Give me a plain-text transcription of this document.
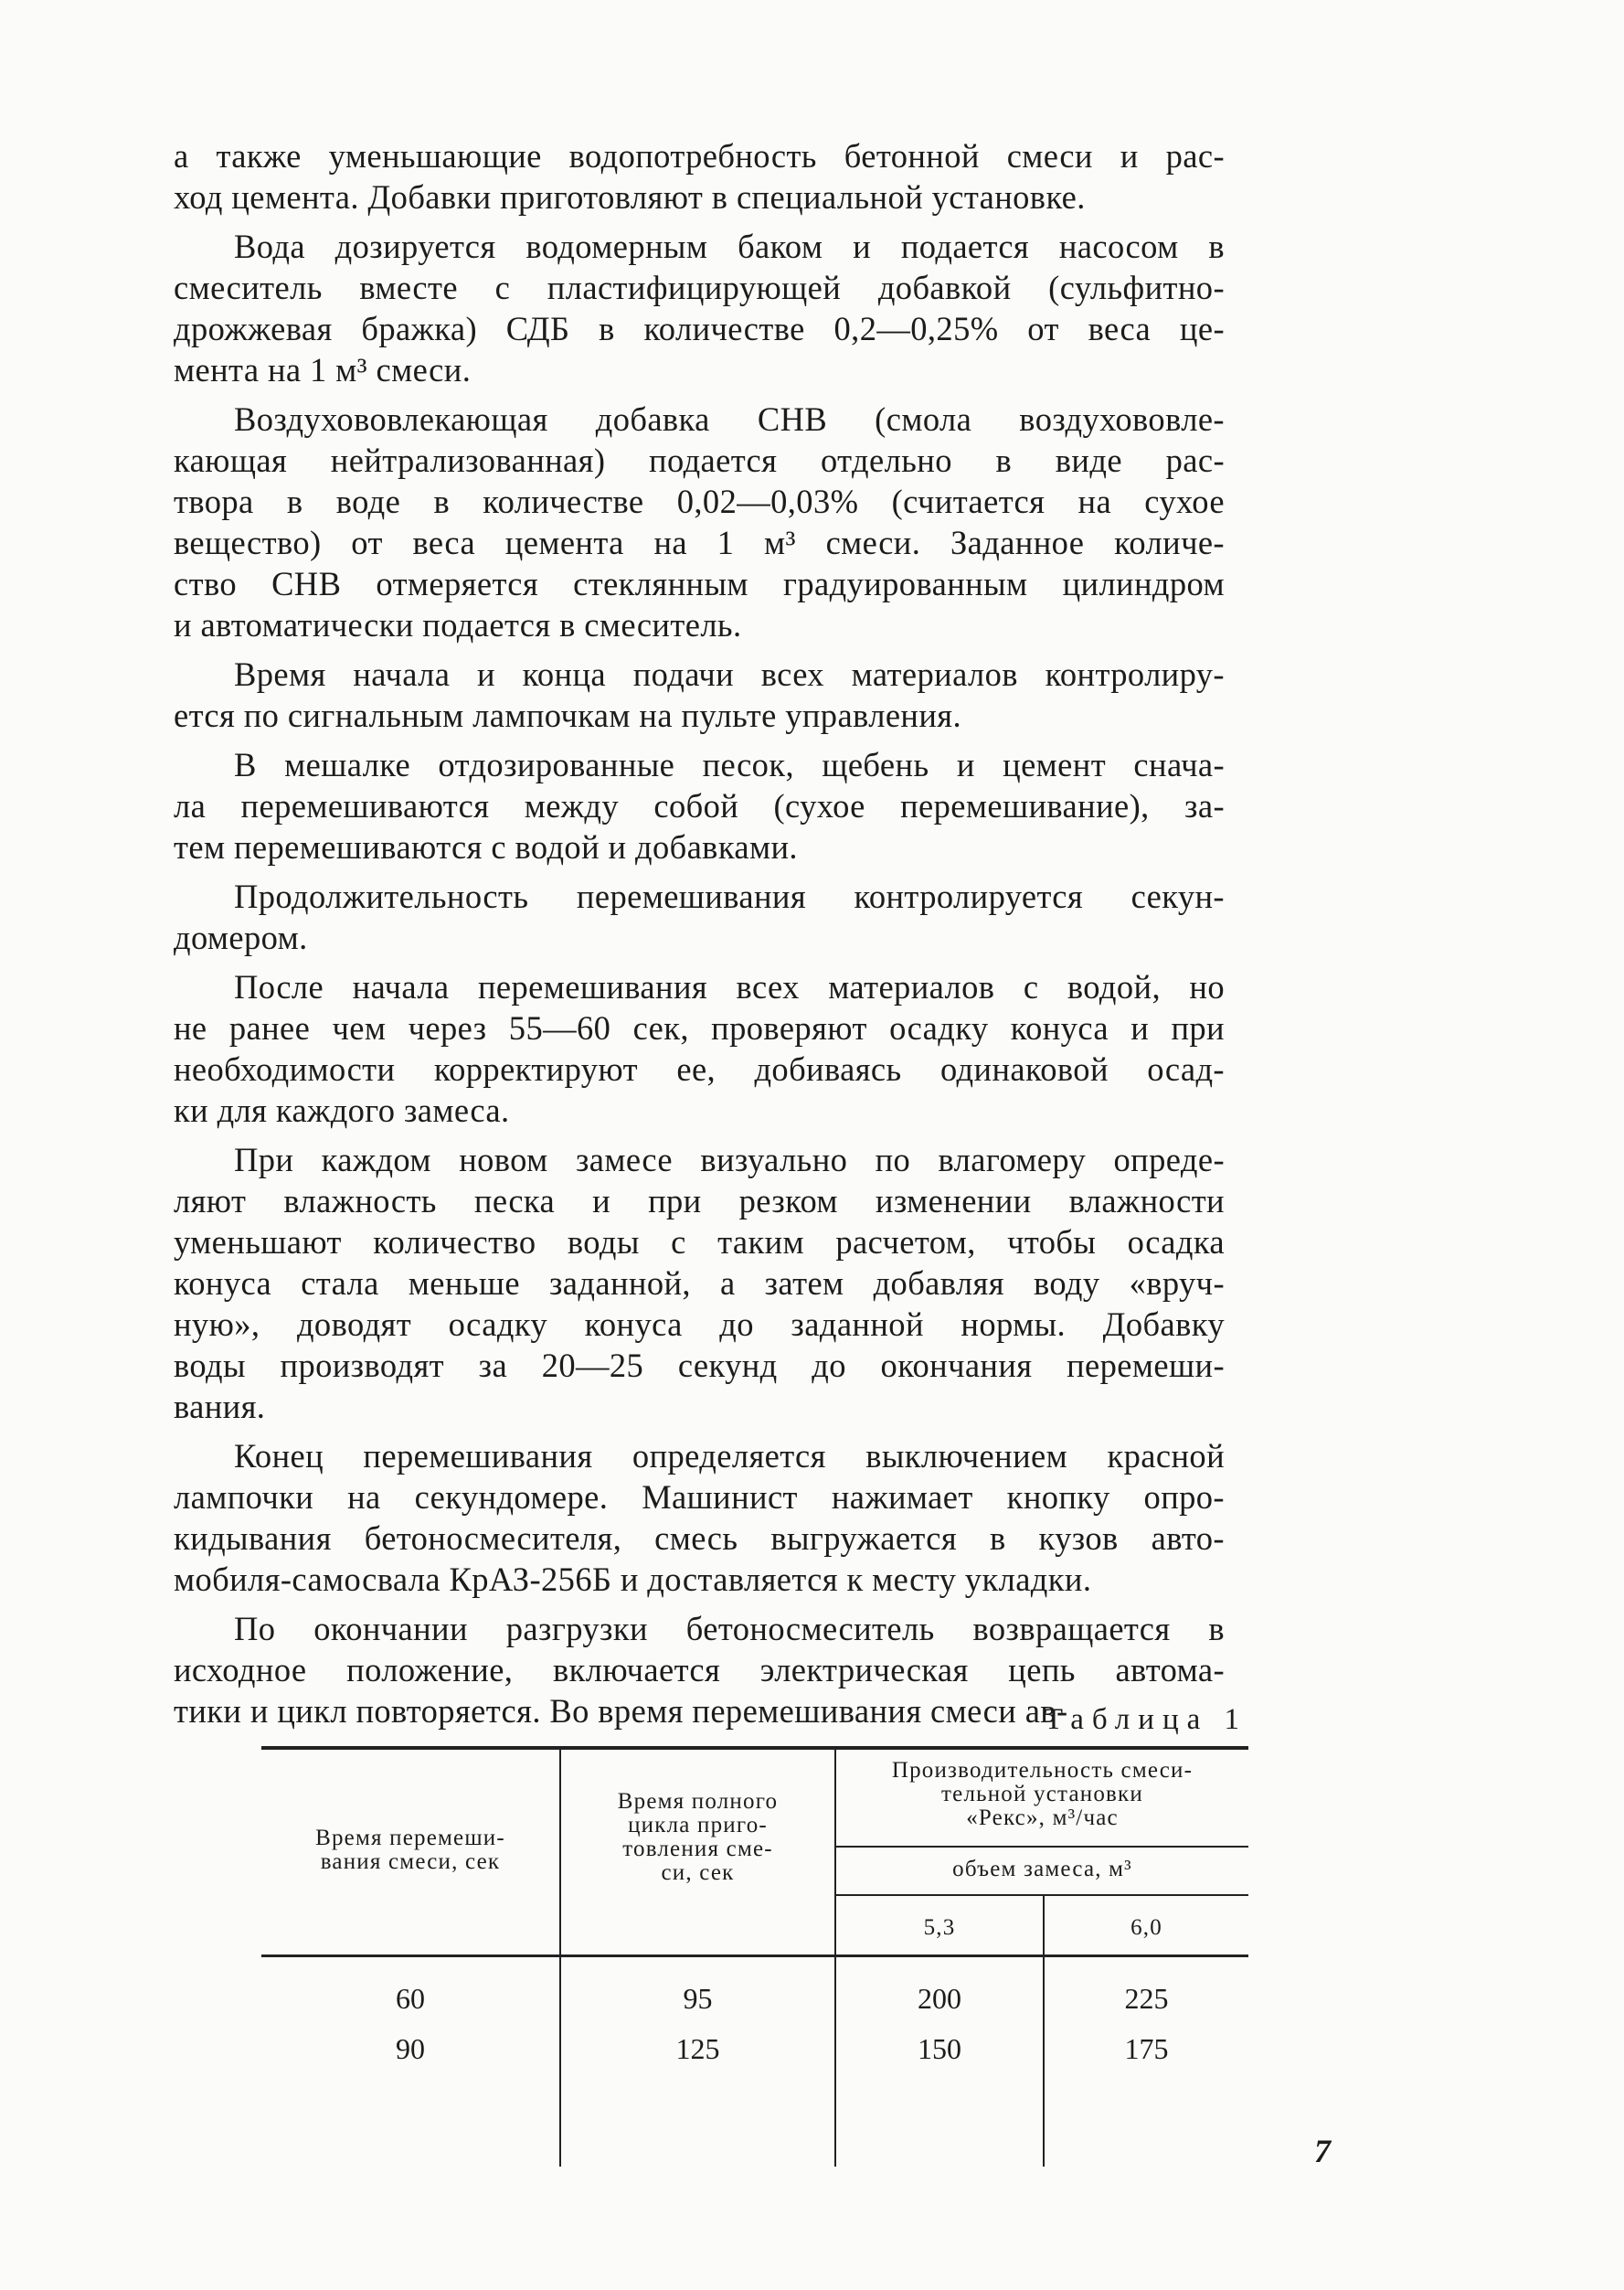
а также уменьшающие водопотребность бетонной смеси и рас-
ход цемента. Добавки приготовляют в специальной установке.
Вода дозируется водомерным баком и подается насосом в
смеситель вместе с пластифицирующей добавкой (сульфитно-
дрожжевая бражка) СДБ в количестве 0,2—0,25% от веса це-
мента на 1 м³ смеси.
Воздухововлекающая добавка СНВ (смола воздухововле-
кающая нейтрализованная) подается отдельно в виде рас-
твора в воде в количестве 0,02—0,03% (считается на сухое
вещество) от веса цемента на 1 м³ смеси. Заданное количе-
ство СНВ отмеряется стеклянным градуированным цилиндром
и автоматически подается в смеситель.
Время начала и конца подачи всех материалов контролиру-
ется по сигнальным лампочкам на пульте управления.
В мешалке отдозированные песок, щебень и цемент снача-
ла перемешиваются между собой (сухое перемешивание), за-
тем перемешиваются с водой и добавками.
Продолжительность перемешивания контролируется секун-
домером.
После начала перемешивания всех материалов с водой, но
не ранее чем через 55—60 сек, проверяют осадку конуса и при
необходимости корректируют ее, добиваясь одинаковой осад-
ки для каждого замеса.
При каждом новом замесе визуально по влагомеру опреде-
ляют влажность песка и при резком изменении влажности
уменьшают количество воды с таким расчетом, чтобы осадка
конуса стала меньше заданной, а затем добавляя воду «вруч-
ную», доводят осадку конуса до заданной нормы. Добавку
воды производят за 20—25 секунд до окончания перемеши-
вания.
Конец перемешивания определяется выключением красной
лампочки на секундомере. Машинист нажимает кнопку опро-
кидывания бетоносмесителя, смесь выгружается в кузов авто-
мобиля-самосвала КрАЗ-256Б и доставляется к месту укладки.
По окончании разгрузки бетоносмеситель возвращается в
исходное положение, включается электрическая цепь автома-
тики и цикл повторяется. Во время перемешивания смеси ав-
Таблица 1
Время перемеши-
вания смеси, сек
Время полного
цикла приго-
товления сме-
си, сек
Производительность смеси-
тельной установки
«Рекс», м³/час
объем замеса, м³
5,3	6,0
60	95	200	225
90	125	150	175
7
